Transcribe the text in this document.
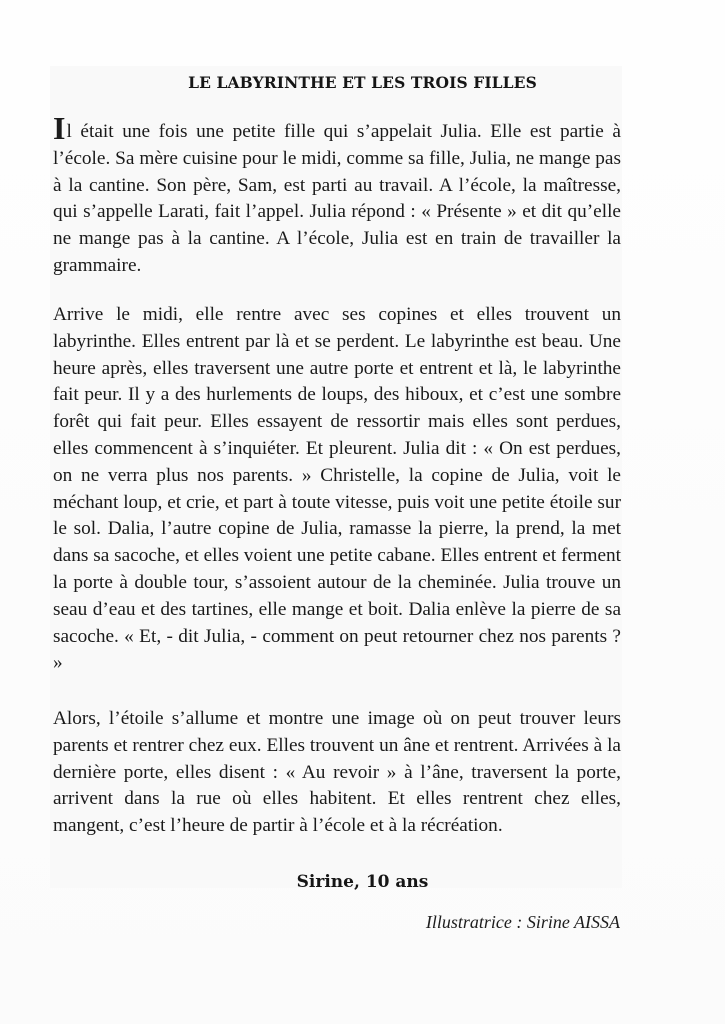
LE LABYRINTHE ET LES TROIS FILLES

Il était une fois une petite fille qui s’appelait Julia. Elle est partie à l’école. Sa mère cuisine pour le midi, comme sa fille, Julia, ne mange pas à la cantine. Son père, Sam, est parti au travail. A l’école, la maîtresse, qui s’appelle Larati, fait l’appel. Julia répond : « Présente » et dit qu’elle ne mange pas à la cantine. A l’école, Julia est en train de travailler la grammaire.

Arrive le midi, elle rentre avec ses copines et elles trouvent un labyrinthe. Elles entrent par là et se perdent. Le labyrinthe est beau. Une heure après, elles traversent une autre porte et entrent et là, le labyrinthe fait peur. Il y a des hurlements de loups, des hiboux, et c’est une sombre forêt qui fait peur. Elles essayent de ressortir mais elles sont perdues, elles commencent à s’inquiéter. Et pleurent. Julia dit : « On est perdues, on ne verra plus nos parents. » Christelle, la copine de Julia, voit le méchant loup, et crie, et part à toute vitesse, puis voit une petite étoile sur le sol. Dalia, l’autre copine de Julia, ramasse la pierre, la prend, la met dans sa sacoche, et elles voient une petite cabane. Elles entrent et ferment la porte à double tour, s’assoient autour de la cheminée. Julia trouve un seau d’eau et des tartines, elle mange et boit. Dalia enlève la pierre de sa sacoche. « Et, - dit Julia, - comment on peut retourner chez nos parents ? »

Alors, l’étoile s’allume et montre une image où on peut trouver leurs parents et rentrer chez eux. Elles trouvent un âne et rentrent. Arrivées à la dernière porte, elles disent : « Au revoir » à l’âne, traversent la porte, arrivent dans la rue où elles habitent. Et elles rentrent chez elles, mangent, c’est l’heure de partir à l’école et à la récréation.

Sirine, 10 ans
Illustratrice : Sirine AISSA
